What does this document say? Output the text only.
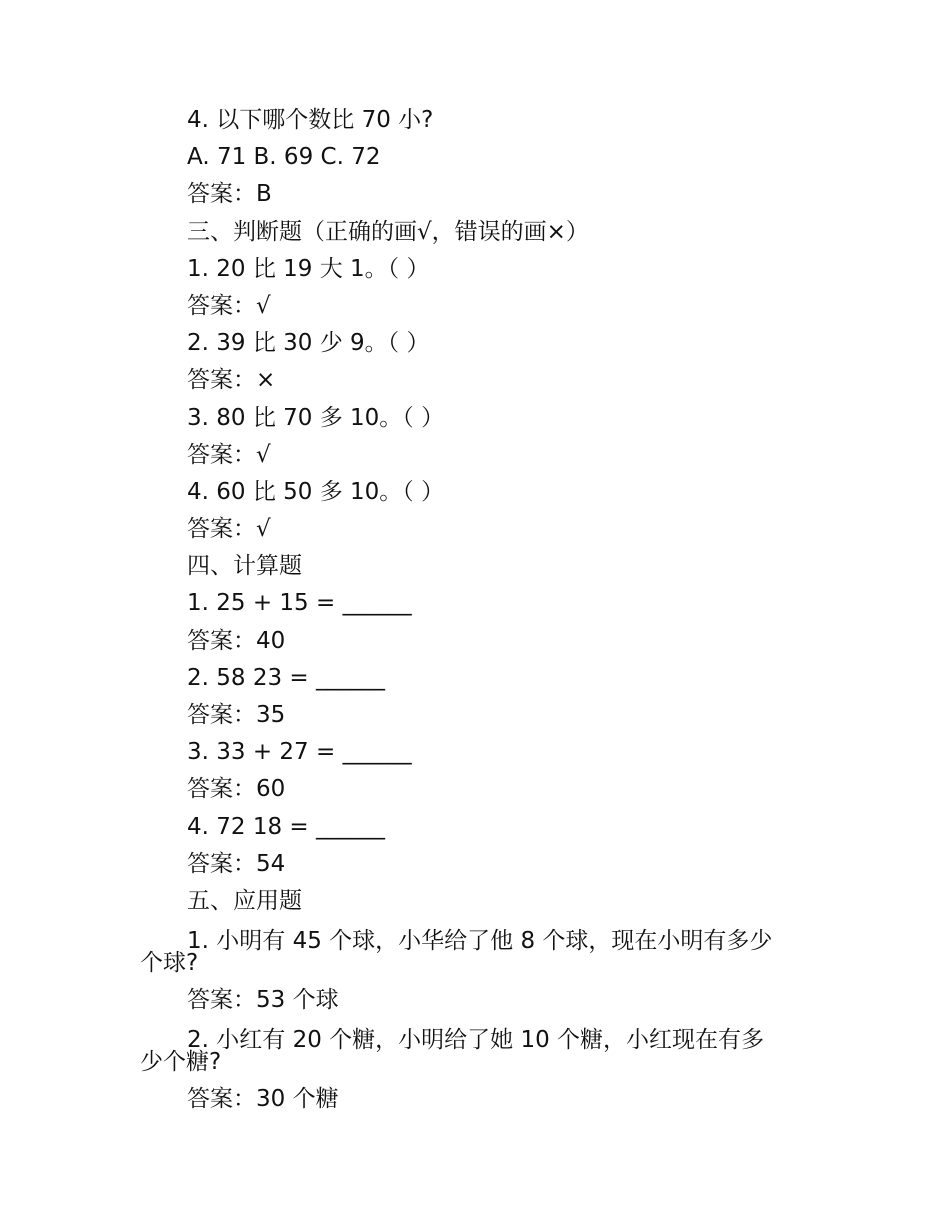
4. 以下哪个数比 70 小?
A. 71 B. 69 C. 72
答案：B
三、判断题（正确的画√，错误的画×）
1. 20 比 19 大 1。（ ）
答案：√
2. 39 比 30 少 9。（ ）
答案：×
3. 80 比 70 多 10。（ ）
答案：√
4. 60 比 50 多 10。（ ）
答案：√
四、计算题
1. 25 + 15 = ______
答案：40
2. 58 23 = ______
答案：35
3. 33 + 27 = ______
答案：60
4. 72 18 = ______
答案：54
五、应用题
1. 小明有 45 个球，小华给了他 8 个球，现在小明有多少
个球?
答案：53 个球
2. 小红有 20 个糖，小明给了她 10 个糖，小红现在有多
少个糖?
答案：30 个糖
